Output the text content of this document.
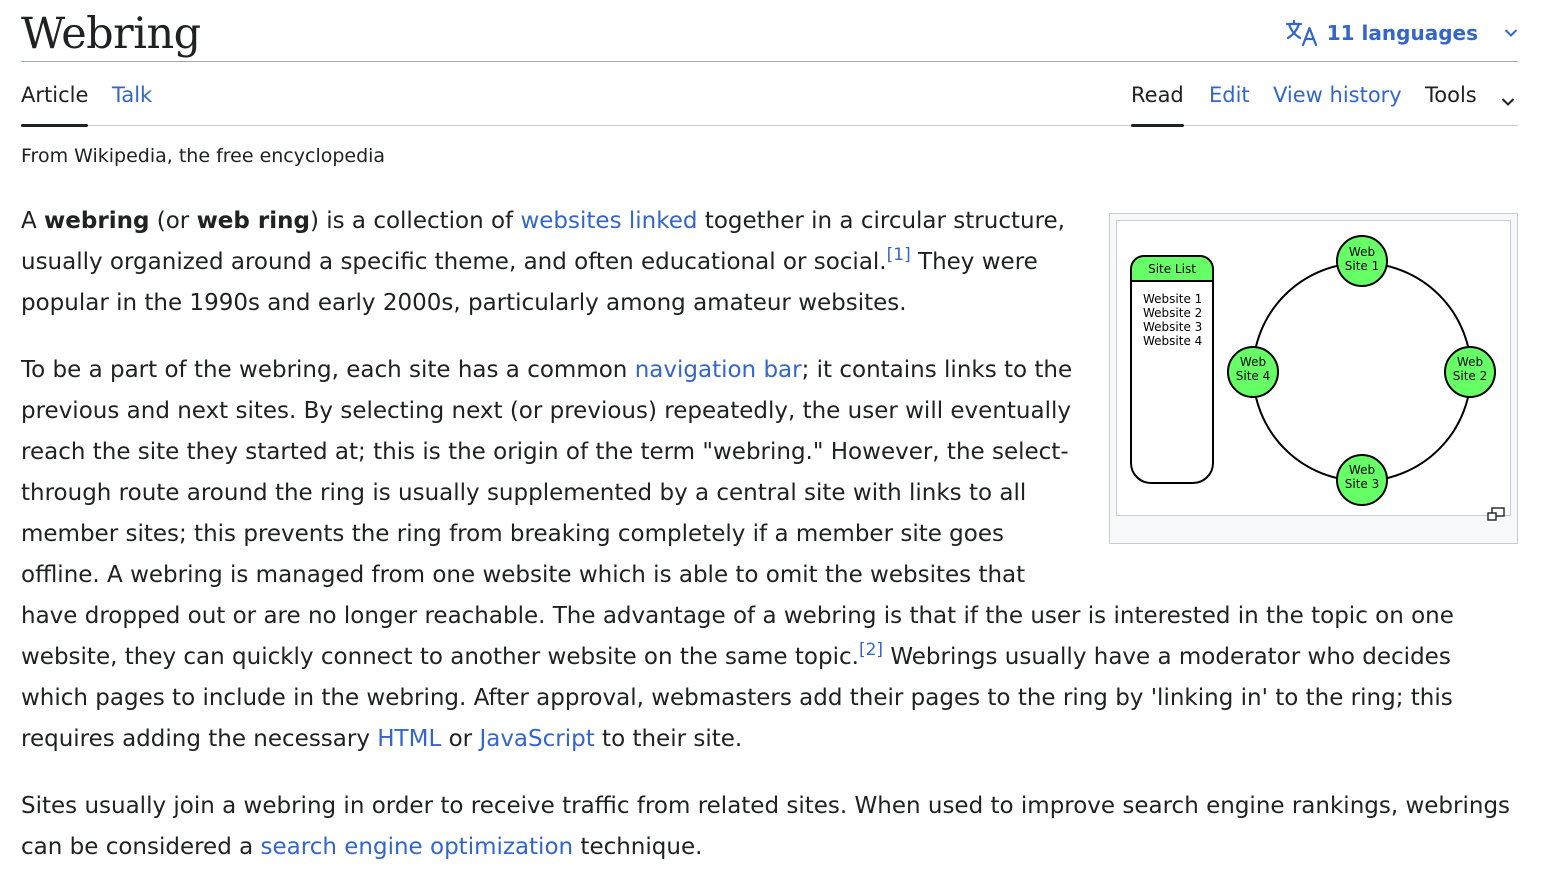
Webring	11 languages
Article Talk	Read Edit View history Tools
From Wikipedia, the free encyclopedia
Site List
Website 1
Website 2
Website 3
Website 4
Web
Site 1
Web
Site 2
Web
Site 3
Web
Site 4

A webring (or web ring) is a collection of websites linked together in a circular structure, usually organized around a specific theme, and often educational or social.[1] They were popular in the 1990s and early 2000s, particularly among amateur websites.

To be a part of the webring, each site has a common navigation bar; it contains links to the previous and next sites. By selecting next (or previous) repeatedly, the user will eventually reach the site they started at; this is the origin of the term "webring." However, the select-through route around the ring is usually supplemented by a central site with links to all member sites; this prevents the ring from breaking completely if a member site goes offline. A webring is managed from one website which is able to omit the websites that have dropped out or are no longer reachable. The advantage of a webring is that if the user is interested in the topic on one website, they can quickly connect to another website on the same topic.[2] Webrings usually have a moderator who decides which pages to include in the webring. After approval, webmasters add their pages to the ring by 'linking in' to the ring; this requires adding the necessary HTML or JavaScript to their site.

Sites usually join a webring in order to receive traffic from related sites. When used to improve search engine rankings, webrings can be considered a search engine optimization technique.
